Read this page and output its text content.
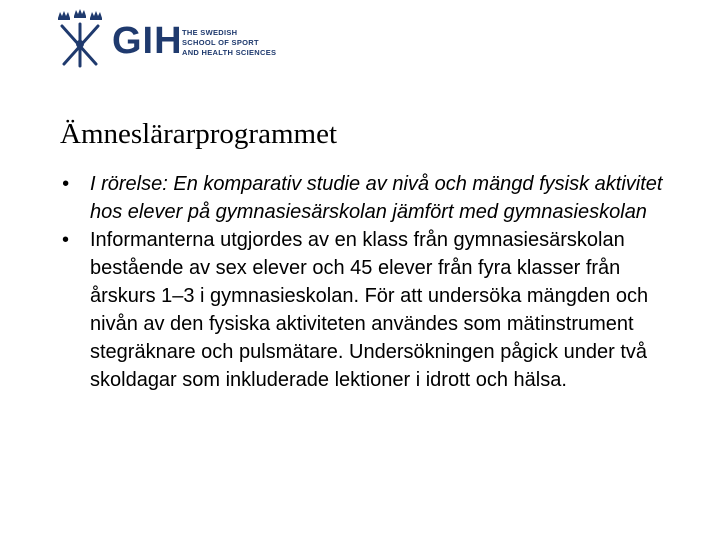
GIH THE SWEDISH
SCHOOL OF SPORT
AND HEALTH SCIENCES
Ämneslärarprogrammet
• I rörelse: En komparativ studie av nivå och mängd fysisk aktivitet hos elever på gymnasiesärskolan jämfört med gymnasieskolan
• Informanterna utgjordes av en klass från gymnasiesärskolan bestående av sex elever och 45 elever från fyra klasser från årskurs 1–3 i gymnasieskolan. För att undersöka mängden och nivån av den fysiska aktiviteten användes som mätinstrument stegräknare och pulsmätare. Undersökningen pågick under två skoldagar som inkluderade lektioner i idrott och hälsa.
